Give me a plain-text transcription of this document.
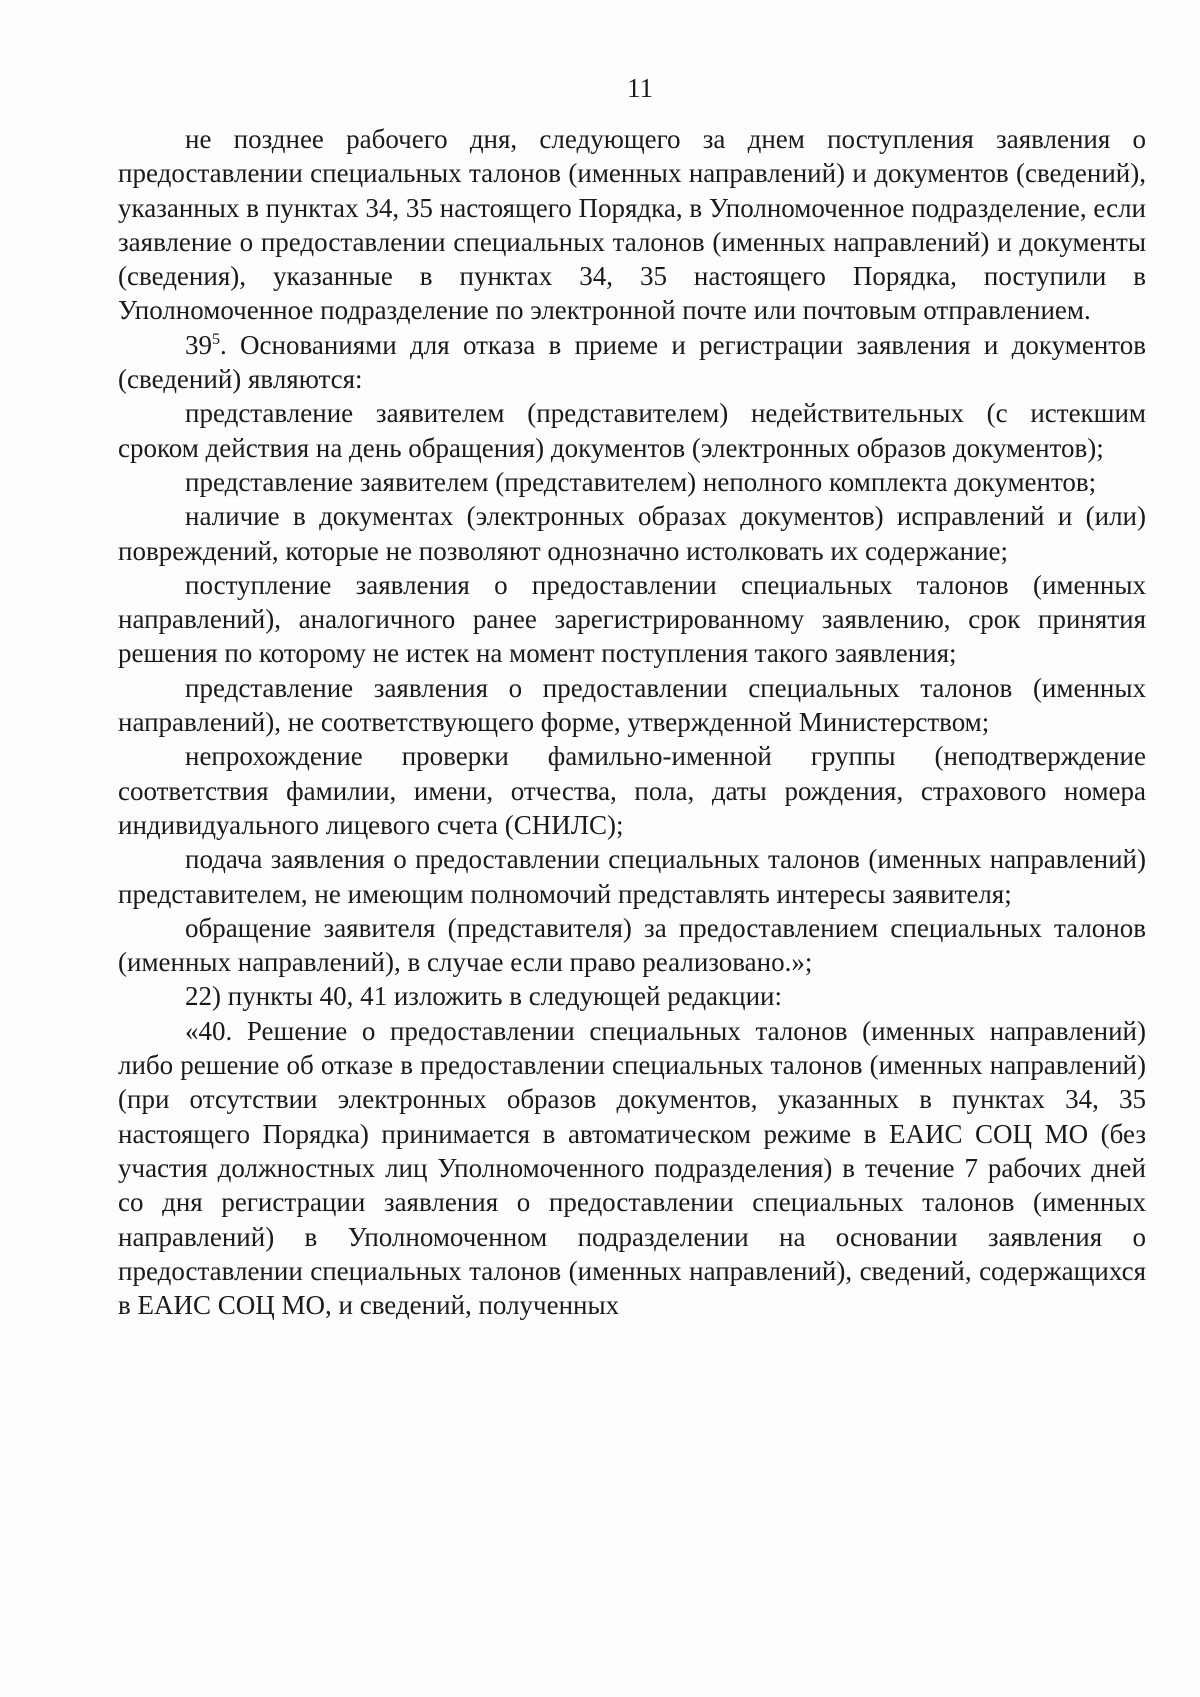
11

не позднее рабочего дня, следующего за днем поступления заявления о предоставлении специальных талонов (именных направлений) и документов (сведений), указанных в пунктах 34, 35 настоящего Порядка, в Уполномоченное подразделение, если заявление о предоставлении специальных талонов (именных направлений) и документы (сведения), указанные в пунктах 34, 35 настоящего Порядка, поступили в Уполномоченное подразделение по электронной почте или почтовым отправлением.

$39^5$. Основаниями для отказа в приеме и регистрации заявления и документов (сведений) являются:

представление заявителем (представителем) недействительных (с истекшим сроком действия на день обращения) документов (электронных образов документов);

представление заявителем (представителем) неполного комплекта документов;

наличие в документах (электронных образах документов) исправлений и (или) повреждений, которые не позволяют однозначно истолковать их содержание;

поступление заявления о предоставлении специальных талонов (именных направлений), аналогичного ранее зарегистрированному заявлению, срок принятия решения по которому не истек на момент поступления такого заявления;

представление заявления о предоставлении специальных талонов (именных направлений), не соответствующего форме, утвержденной Министерством;

непрохождение проверки фамильно-именной группы (неподтверждение соответствия фамилии, имени, отчества, пола, даты рождения, страхового номера индивидуального лицевого счета (СНИЛС);

подача заявления о предоставлении специальных талонов (именных направлений) представителем, не имеющим полномочий представлять интересы заявителя;

обращение заявителя (представителя) за предоставлением специальных талонов (именных направлений), в случае если право реализовано.»;

22) пункты 40, 41 изложить в следующей редакции:

«40. Решение о предоставлении специальных талонов (именных направлений) либо решение об отказе в предоставлении специальных талонов (именных направлений) (при отсутствии электронных образов документов, указанных в пунктах 34, 35 настоящего Порядка) принимается в автоматическом режиме в ЕАИС СОЦ МО (без участия должностных лиц Уполномоченного подразделения) в течение 7 рабочих дней со дня регистрации заявления о предоставлении специальных талонов (именных направлений) в Уполномоченном подразделении на основании заявления о предоставлении специальных талонов (именных направлений), сведений, содержащихся в ЕАИС СОЦ МО, и сведений, полученных
